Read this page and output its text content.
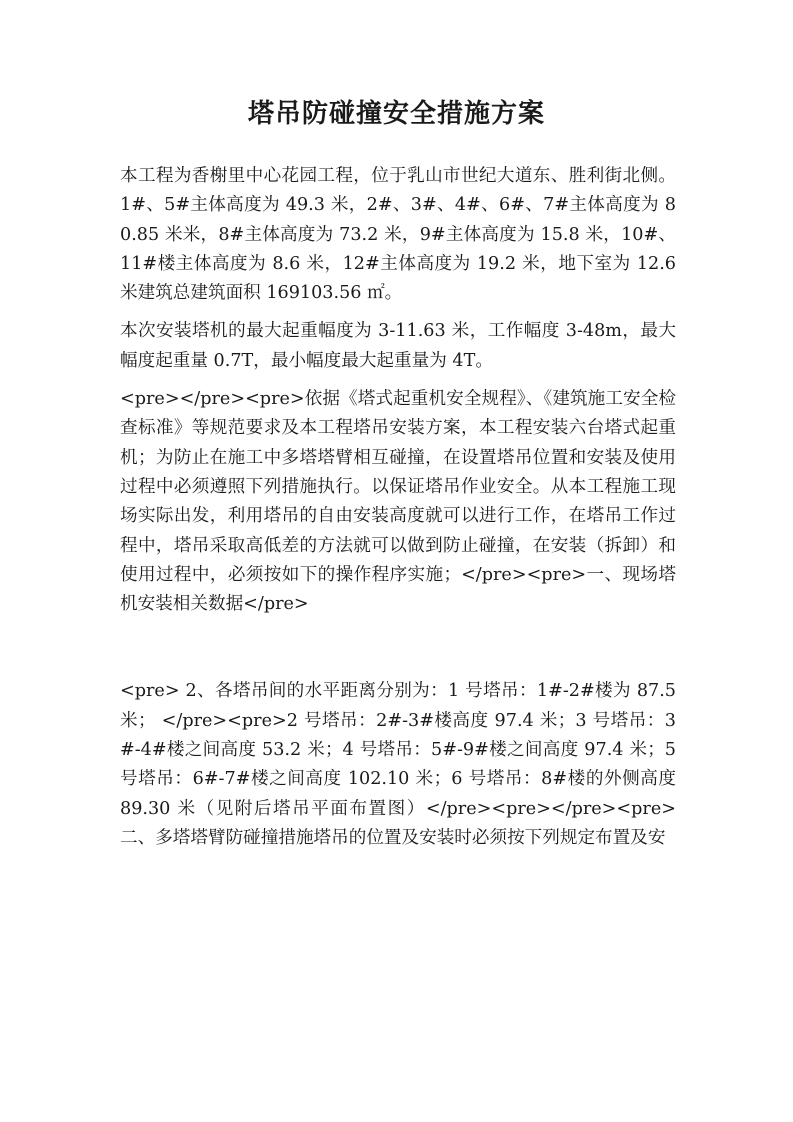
塔吊防碰撞安全措施方案

本工程为香榭里中心花园工程，位于乳山市世纪大道东、胜利街北侧。1#、5#主体高度为 49.3 米，2#、3#、4#、6#、7#主体高度为 80.85 米米，8#主体高度为 73.2 米，9#主体高度为 15.8 米，10#、11#楼主体高度为 8.6 米，12#主体高度为 19.2 米，地下室为 12.6 米建筑总建筑面积 169103.56 ㎡。

本次安装塔机的最大起重幅度为 3-11.63 米，工作幅度 3-48m，最大幅度起重量 0.7T，最小幅度最大起重量为 4T。

<pre></pre><pre>依据《塔式起重机安全规程》、《建筑施工安全检查标准》等规范要求及本工程塔吊安装方案，本工程安装六台塔式起重机；为防止在施工中多塔塔臂相互碰撞，在设置塔吊位置和安装及使用过程中必须遵照下列措施执行。以保证塔吊作业安全。从本工程施工现场实际出发，利用塔吊的自由安装高度就可以进行工作，在塔吊工作过程中，塔吊采取高低差的方法就可以做到防止碰撞，在安装（拆卸）和使用过程中，必须按如下的操作程序实施；</pre><pre>一、现场塔机安装相关数据</pre>

<pre> 2、各塔吊间的水平距离分别为：1 号塔吊：1#-2#楼为 87.5 米； </pre><pre>2 号塔吊：2#-3#楼高度 97.4 米；3 号塔吊：3#-4#楼之间高度 53.2 米；4 号塔吊：5#-9#楼之间高度 97.4 米；5 号塔吊：6#-7#楼之间高度 102.10 米；6 号塔吊：8#楼的外侧高度 89.30 米（见附后塔吊平面布置图）</pre><pre></pre><pre>二、多塔塔臂防碰撞措施塔吊的位置及安装时必须按下列规定布置及安
